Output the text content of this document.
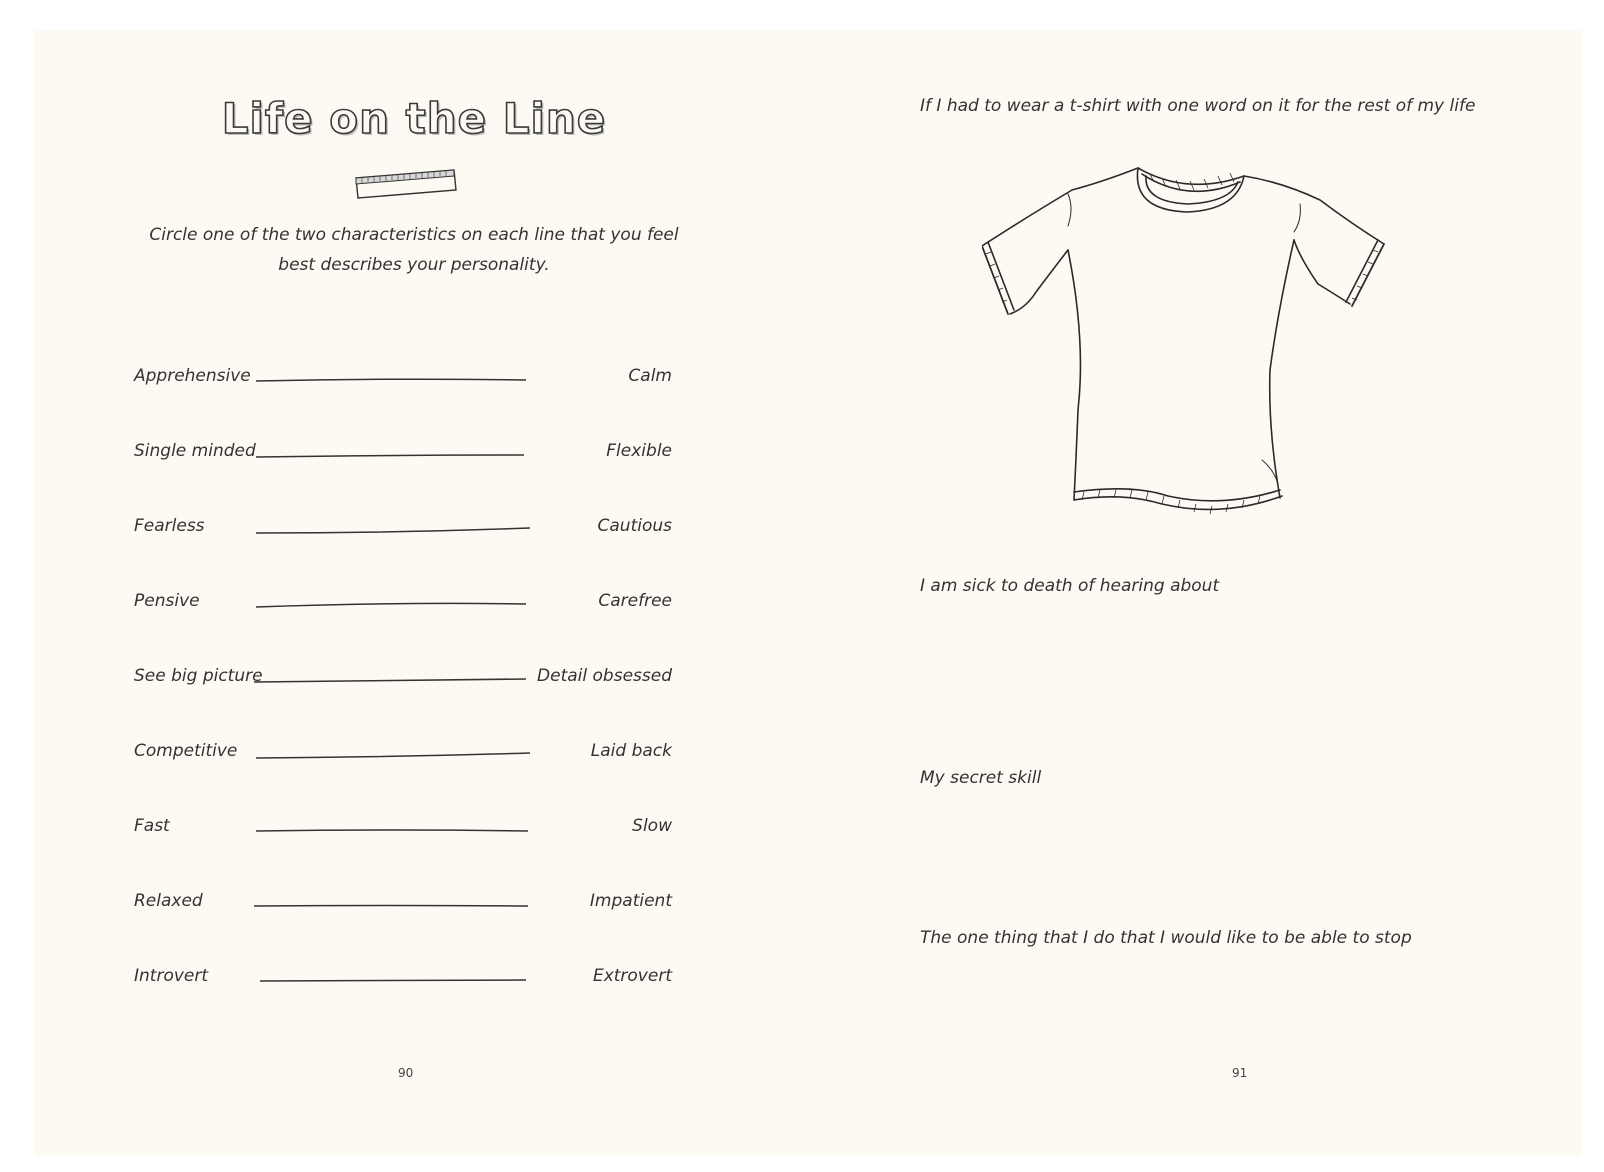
Life on the Line
Circle one of the two characteristics on each line that you feel best describes your personality.
Apprehensive	Calm
Single minded	Flexible
Fearless	Cautious
Pensive	Carefree
See big picture	Detail obsessed
Competitive	Laid back
Fast	Slow
Relaxed	Impatient
Introvert	Extrovert
90
If I had to wear a t-shirt with one word on it for the rest of my life
I am sick to death of hearing about
My secret skill
The one thing that I do that I would like to be able to stop
91
